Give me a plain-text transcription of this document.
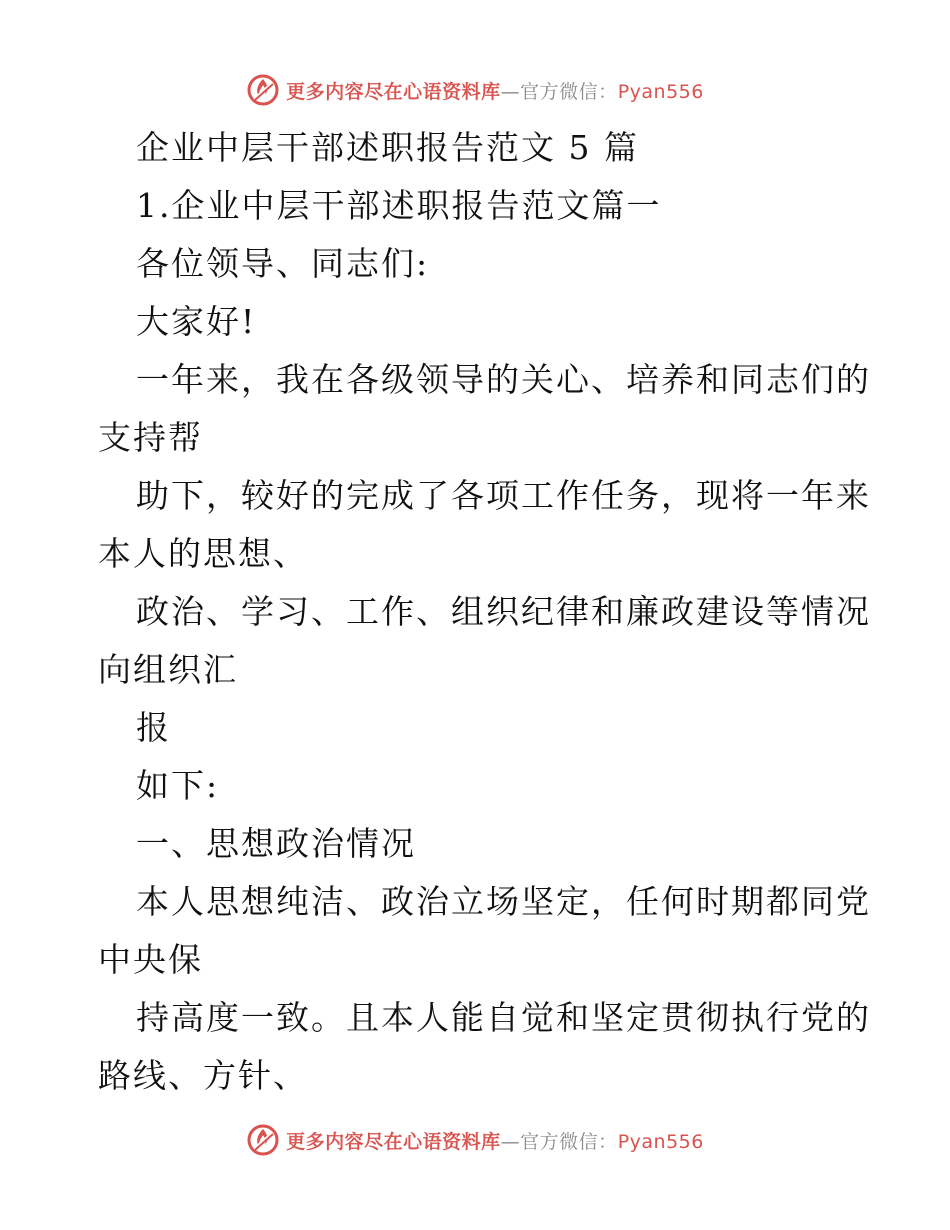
更多内容尽在心语资料库—官方微信：Pyan556
企业中层干部述职报告范文 5 篇
1.企业中层干部述职报告范文篇一
各位领导、同志们:
大家好!
一年来，我在各级领导的关心、培养和同志们的
支持帮
助下，较好的完成了各项工作任务，现将一年来
本人的思想、
政治、学习、工作、组织纪律和廉政建设等情况
向组织汇
报
如下:
一、思想政治情况
本人思想纯洁、政治立场坚定，任何时期都同党
中央保
持高度一致。且本人能自觉和坚定贯彻执行党的
路线、方针、
更多内容尽在心语资料库—官方微信：Pyan556
